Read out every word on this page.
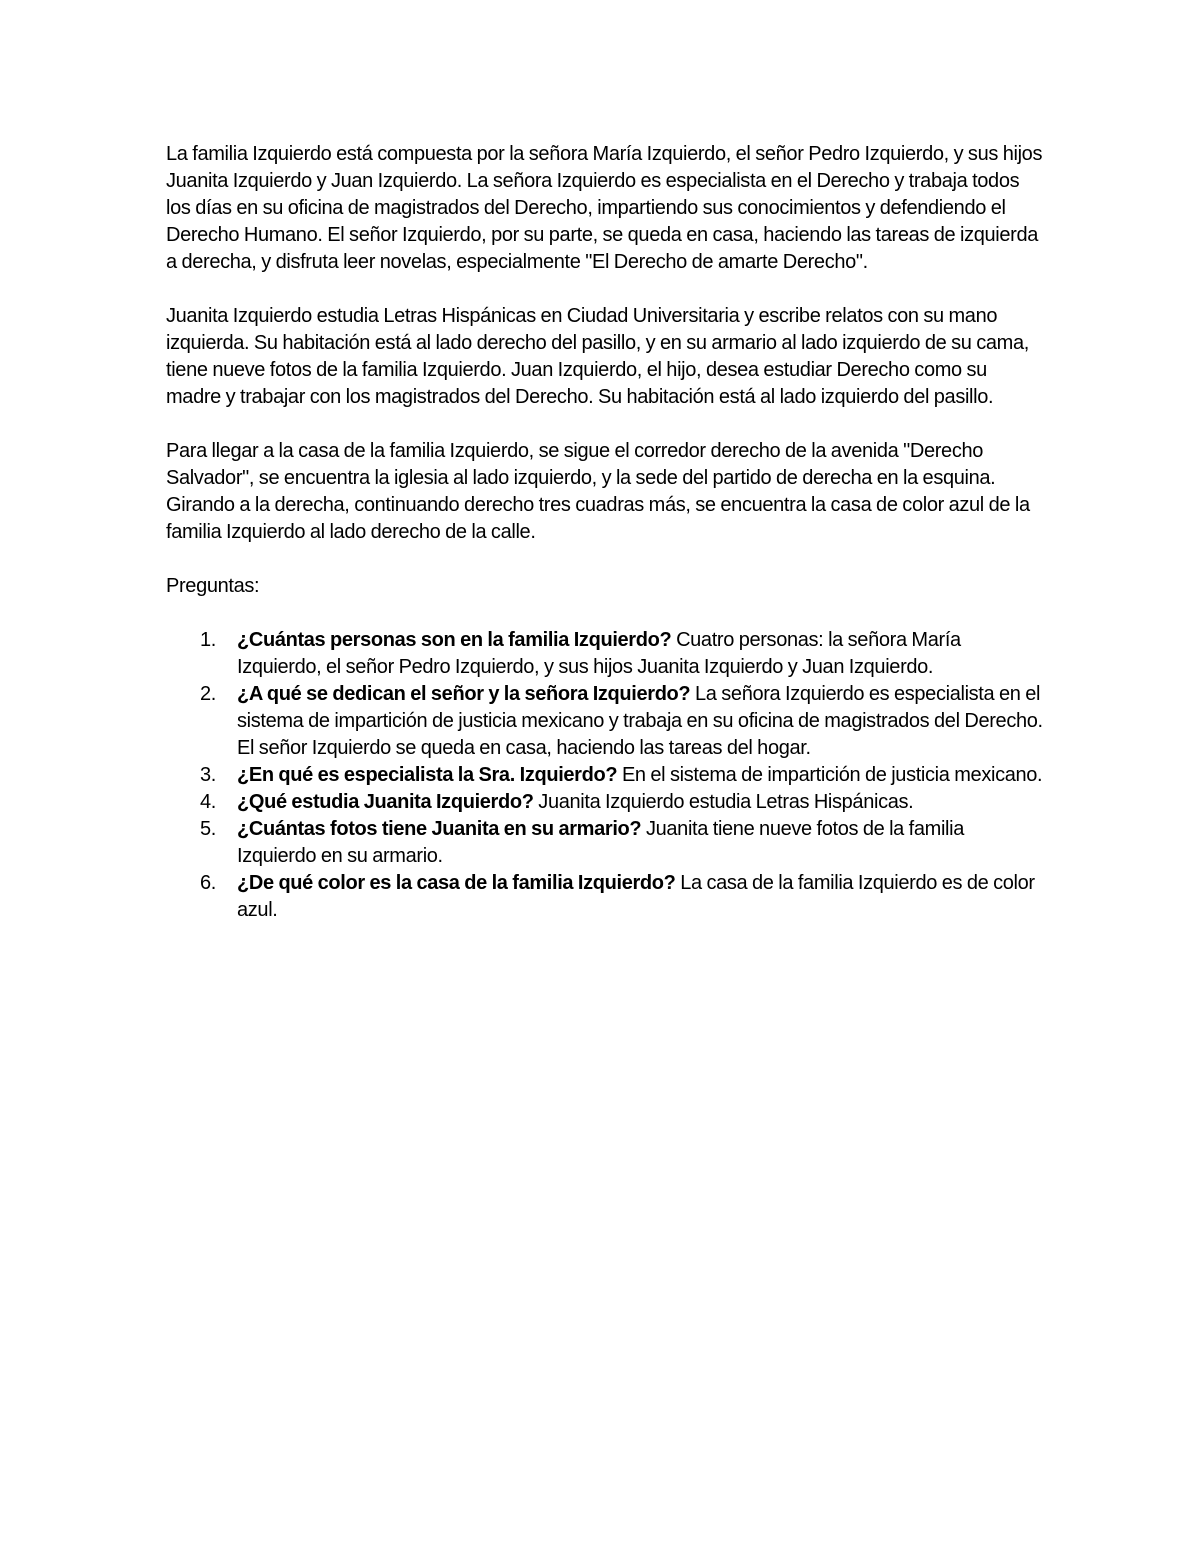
La familia Izquierdo está compuesta por la señora María Izquierdo, el señor Pedro Izquierdo, y sus hijos Juanita Izquierdo y Juan Izquierdo. La señora Izquierdo es especialista en el Derecho y trabaja todos los días en su oficina de magistrados del Derecho, impartiendo sus conocimientos y defendiendo el Derecho Humano. El señor Izquierdo, por su parte, se queda en casa, haciendo las tareas de izquierda a derecha, y disfruta leer novelas, especialmente "El Derecho de amarte Derecho".

Juanita Izquierdo estudia Letras Hispánicas en Ciudad Universitaria y escribe relatos con su mano izquierda. Su habitación está al lado derecho del pasillo, y en su armario al lado izquierdo de su cama, tiene nueve fotos de la familia Izquierdo. Juan Izquierdo, el hijo, desea estudiar Derecho como su madre y trabajar con los magistrados del Derecho. Su habitación está al lado izquierdo del pasillo.

Para llegar a la casa de la familia Izquierdo, se sigue el corredor derecho de la avenida "Derecho Salvador", se encuentra la iglesia al lado izquierdo, y la sede del partido de derecha en la esquina. Girando a la derecha, continuando derecho tres cuadras más, se encuentra la casa de color azul de la familia Izquierdo al lado derecho de la calle.

Preguntas:

1. ¿Cuántas personas son en la familia Izquierdo? Cuatro personas: la señora María Izquierdo, el señor Pedro Izquierdo, y sus hijos Juanita Izquierdo y Juan Izquierdo.
2. ¿A qué se dedican el señor y la señora Izquierdo? La señora Izquierdo es especialista en el sistema de impartición de justicia mexicano y trabaja en su oficina de magistrados del Derecho. El señor Izquierdo se queda en casa, haciendo las tareas del hogar.
3. ¿En qué es especialista la Sra. Izquierdo? En el sistema de impartición de justicia mexicano.
4. ¿Qué estudia Juanita Izquierdo? Juanita Izquierdo estudia Letras Hispánicas.
5. ¿Cuántas fotos tiene Juanita en su armario? Juanita tiene nueve fotos de la familia Izquierdo en su armario.
6. ¿De qué color es la casa de la familia Izquierdo? La casa de la familia Izquierdo es de color azul.
